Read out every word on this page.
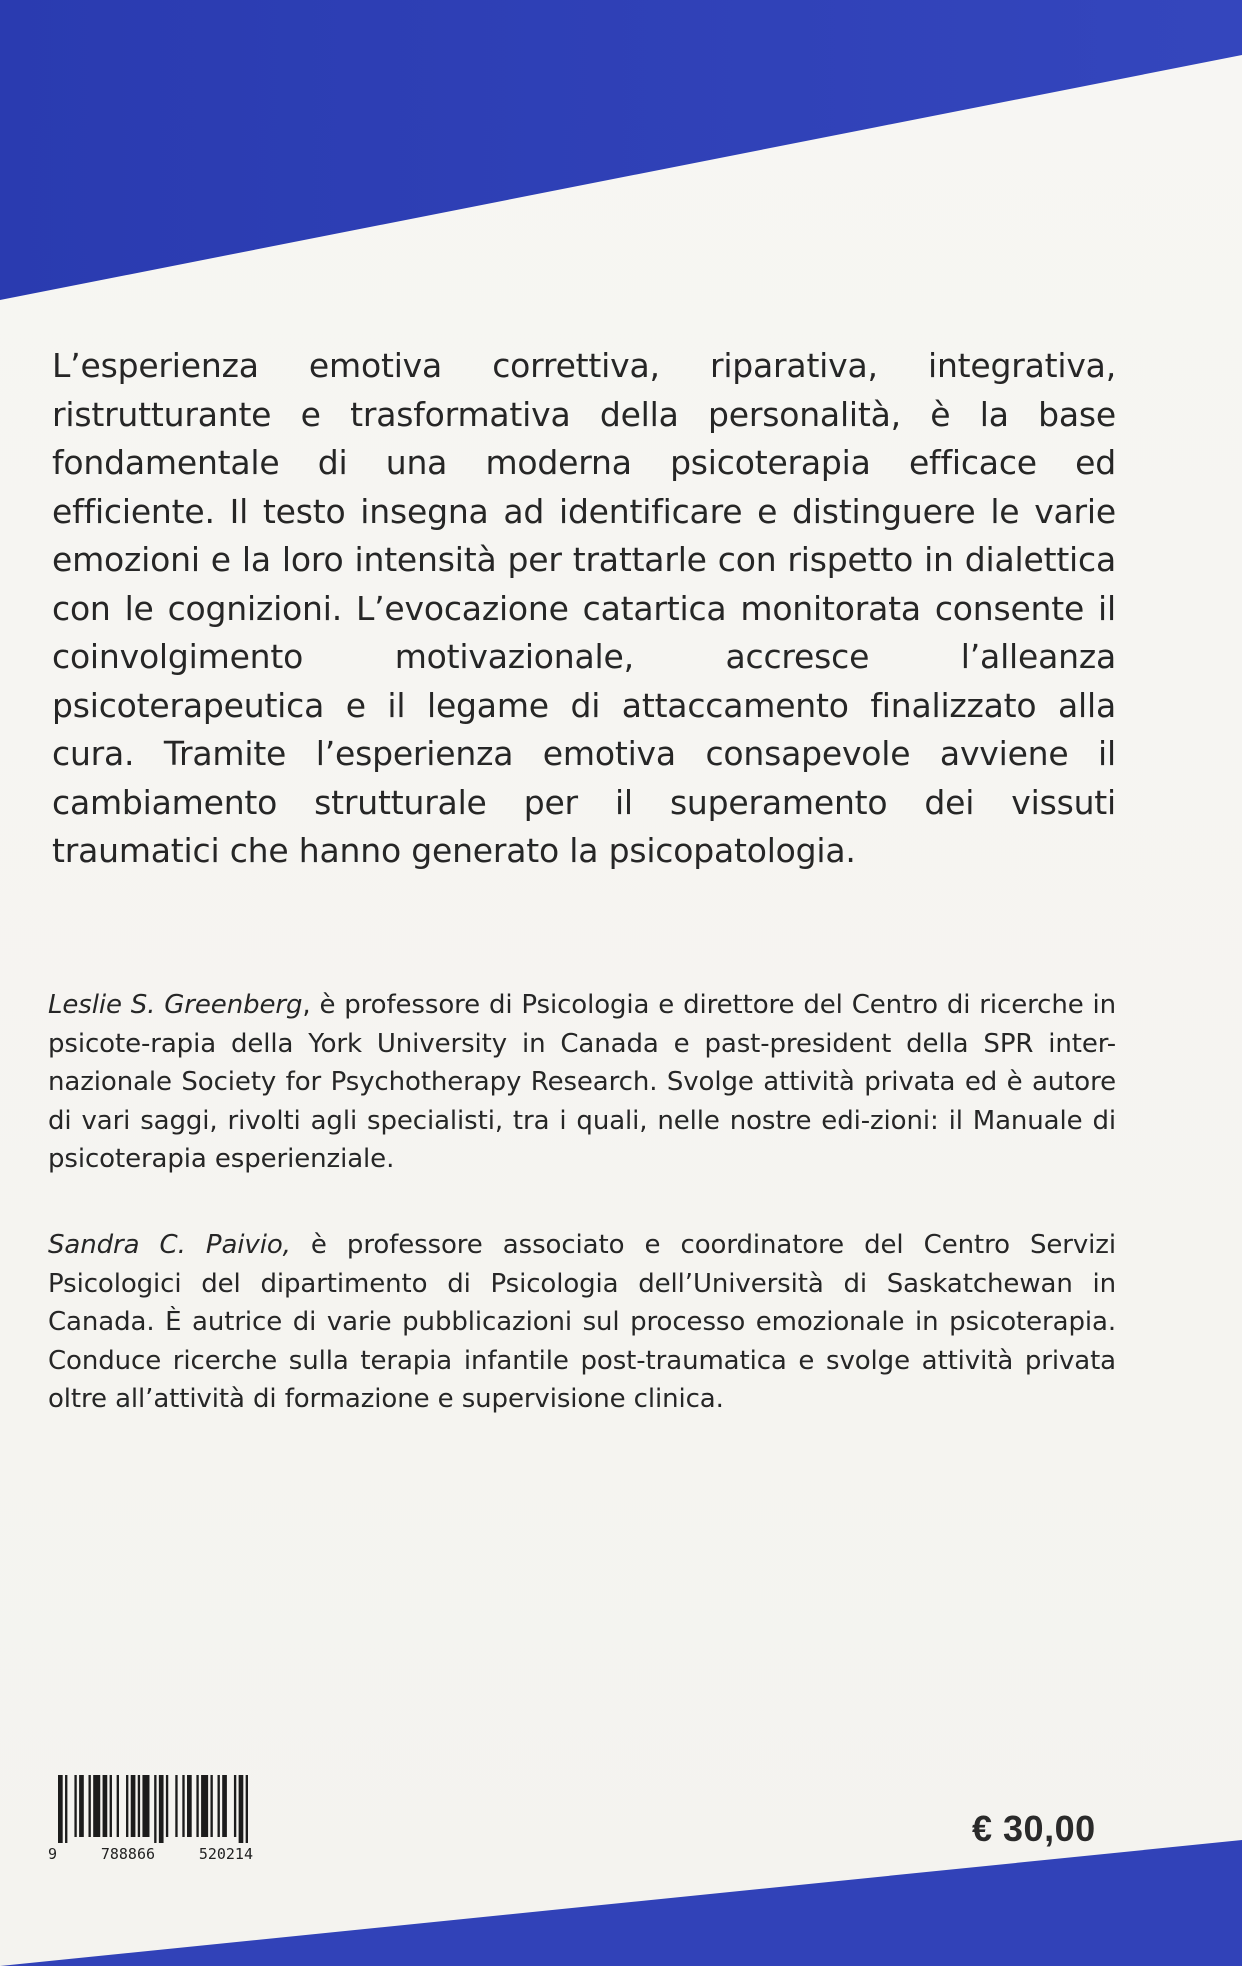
L’esperienza emotiva correttiva, riparativa, integrativa, ristrutturante e trasformativa della personalità, è la base fondamentale di una moderna psicoterapia efficace ed efficiente. Il testo insegna ad identificare e distinguere le varie emozioni e la loro intensità per trattarle con rispetto in dialettica con le cognizioni. L’evocazione catartica monitorata consente il coinvolgimento motivazionale, accresce l’alleanza psicoterapeutica e il legame di attaccamento finalizzato alla cura. Tramite l’esperienza emotiva consapevole avviene il cambiamento strutturale per il superamento dei vissuti traumatici che hanno generato la psicopatologia.

Leslie S. Greenberg, è professore di Psicologia e direttore del Centro di ricerche in psicote-rapia della York University in Canada e past-president della SPR inter-nazionale Society for Psychotherapy Research. Svolge attività privata ed è autore di vari saggi, rivolti agli specialisti, tra i quali, nelle nostre edi-zioni: il Manuale di psicoterapia esperienziale.

Sandra C. Paivio, è professore associato e coordinatore del Centro Servizi Psicologici del dipartimento di Psicologia dell’Università di Saskatchewan in Canada. È autrice di varie pubblicazioni sul processo emozionale in psicoterapia. Conduce ricerche sulla terapia infantile post-traumatica e svolge attività privata oltre all’attività di formazione e supervisione clinica.

9	788866	520214
€ 30,00
